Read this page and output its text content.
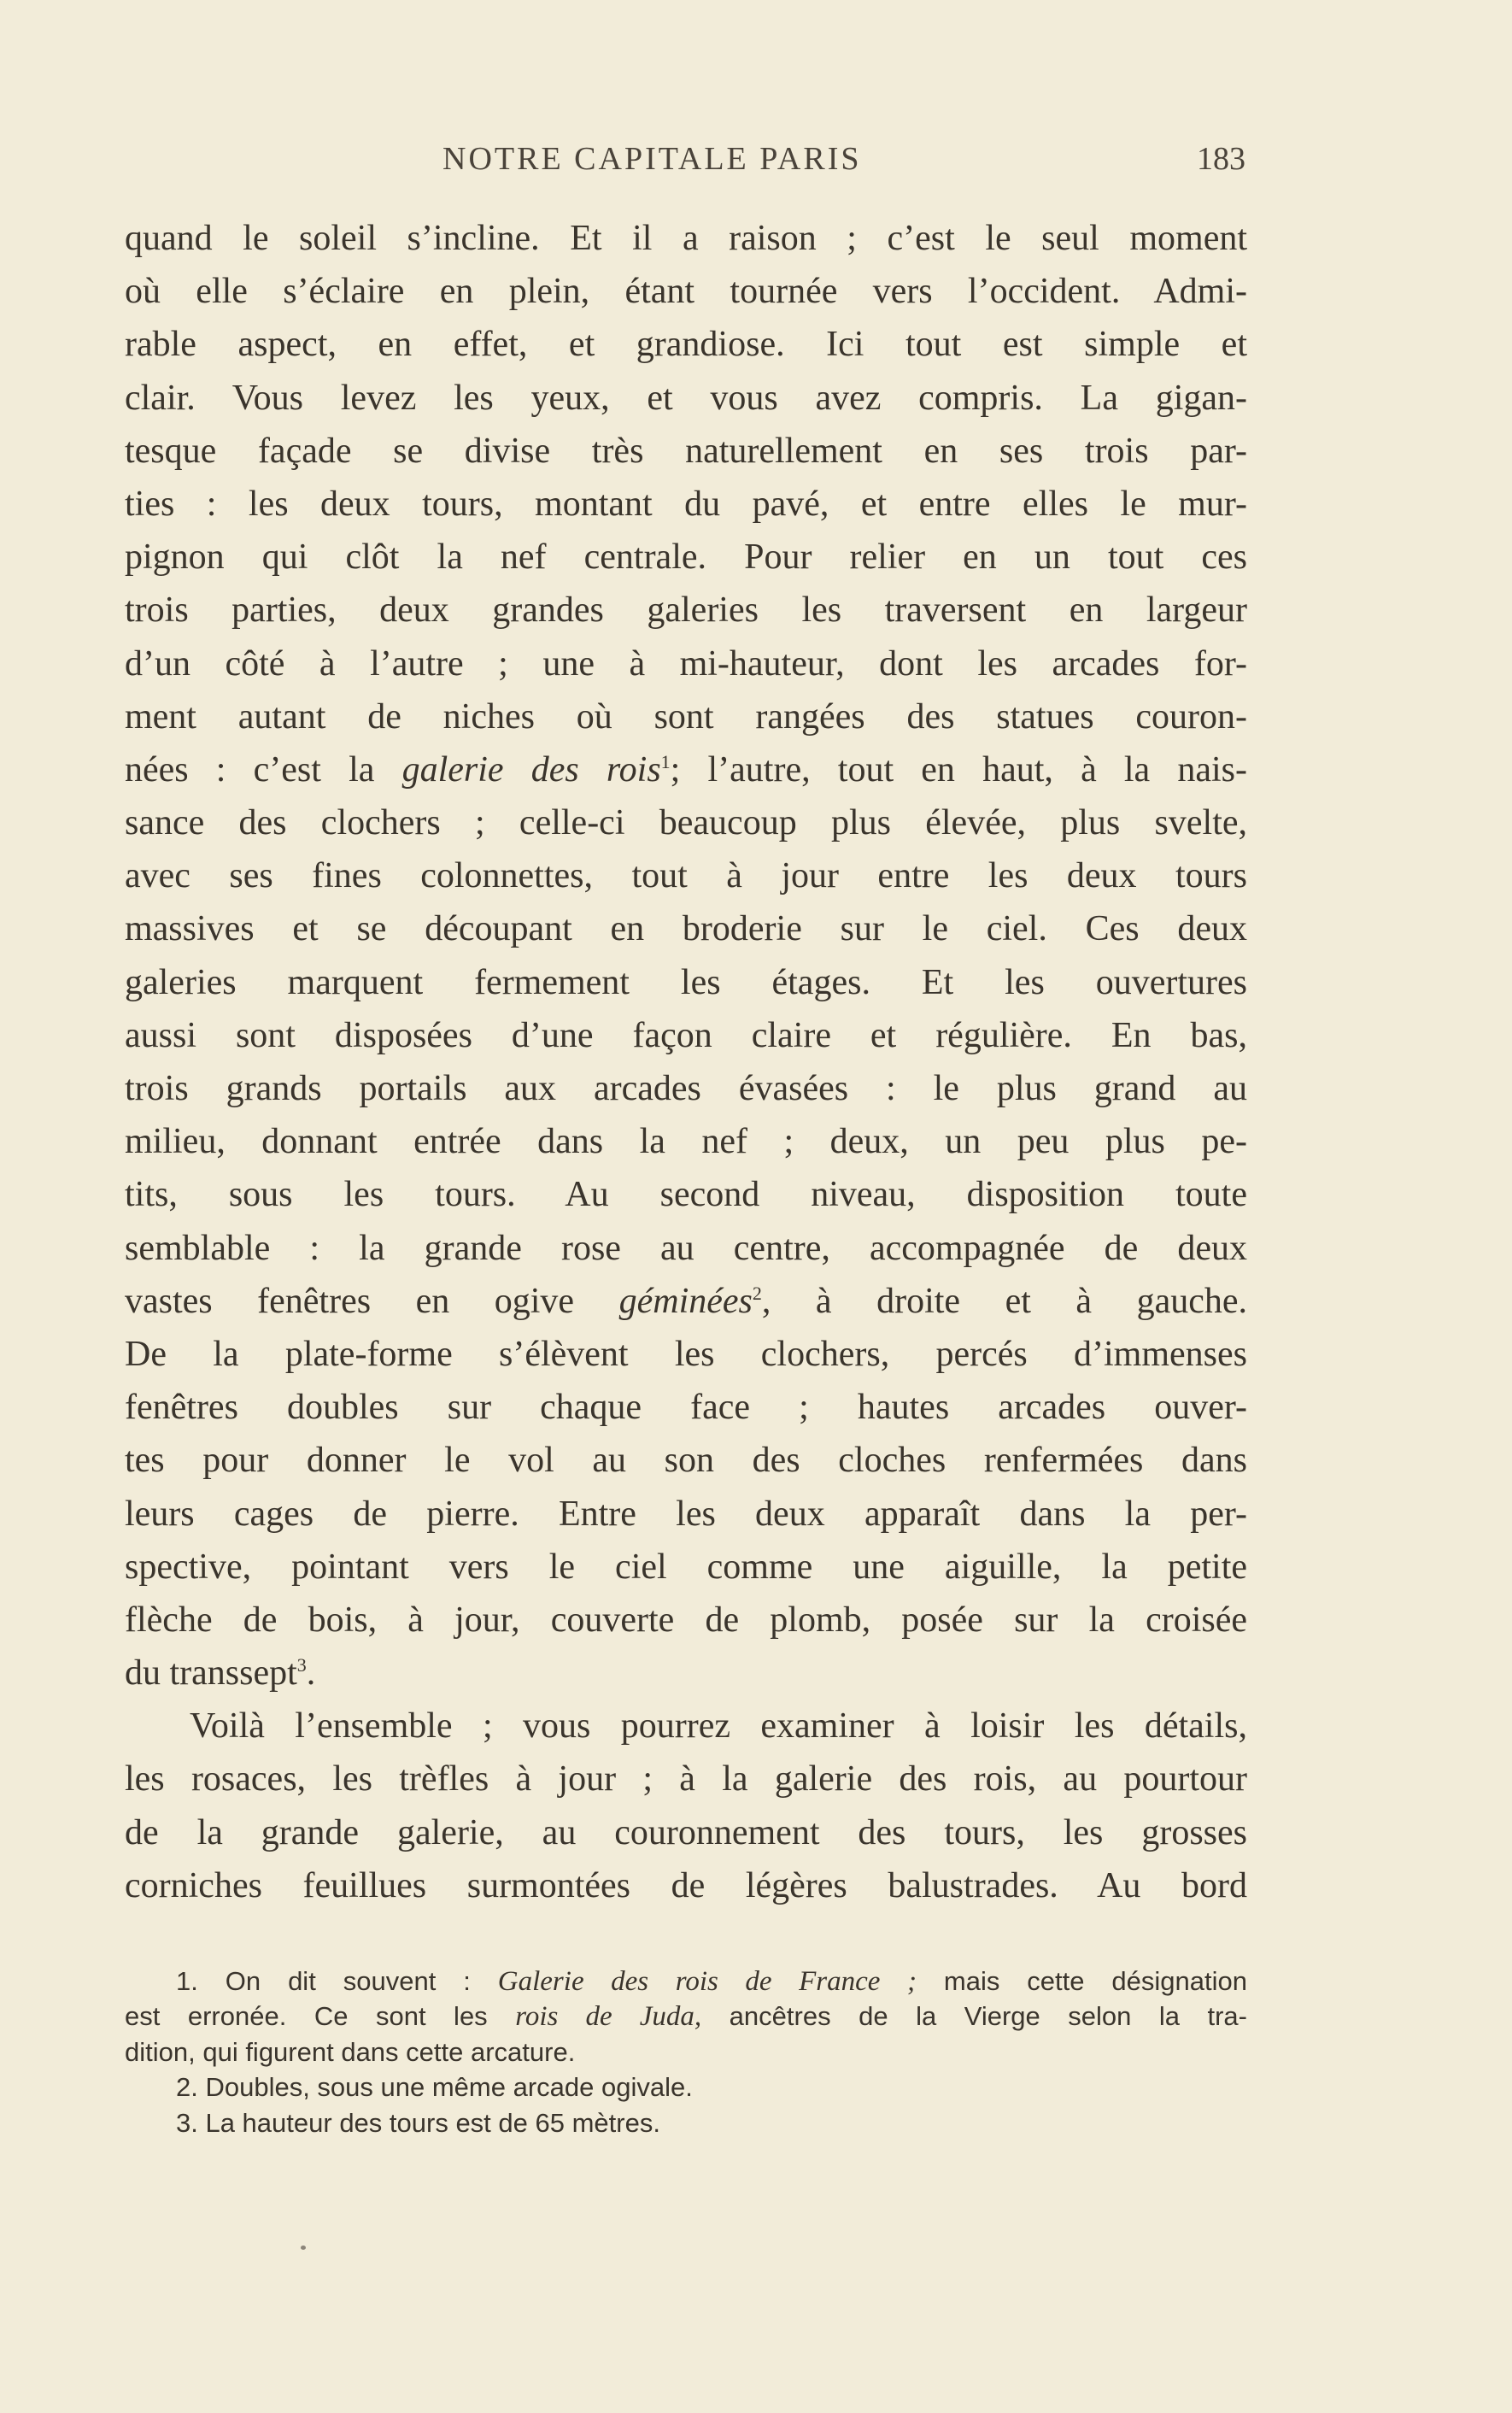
NOTRE CAPITALE PARIS	183
quand le soleil s’incline. Et il a raison ; c’est le seul moment
où elle s’éclaire en plein, étant tournée vers l’occident. Admi-
rable aspect, en effet, et grandiose. Ici tout est simple et
clair. Vous levez les yeux, et vous avez compris. La gigan-
tesque façade se divise très naturellement en ses trois par-
ties : les deux tours, montant du pavé, et entre elles le mur-
pignon qui clôt la nef centrale. Pour relier en un tout ces
trois parties, deux grandes galeries les traversent en largeur
d’un côté à l’autre ; une à mi-hauteur, dont les arcades for-
ment autant de niches où sont rangées des statues couron-
nées : c’est la galerie des rois$^1$; l’autre, tout en haut, à la nais-
sance des clochers ; celle-ci beaucoup plus élevée, plus svelte,
avec ses fines colonnettes, tout à jour entre les deux tours
massives et se découpant en broderie sur le ciel. Ces deux
galeries marquent fermement les étages. Et les ouvertures
aussi sont disposées d’une façon claire et régulière. En bas,
trois grands portails aux arcades évasées : le plus grand au
milieu, donnant entrée dans la nef ; deux, un peu plus pe-
tits, sous les tours. Au second niveau, disposition toute
semblable : la grande rose au centre, accompagnée de deux
vastes fenêtres en ogive géminées$^2$, à droite et à gauche.
De la plate-forme s’élèvent les clochers, percés d’immenses
fenêtres doubles sur chaque face ; hautes arcades ouver-
tes pour donner le vol au son des cloches renfermées dans
leurs cages de pierre. Entre les deux apparaît dans la per-
spective, pointant vers le ciel comme une aiguille, la petite
flèche de bois, à jour, couverte de plomb, posée sur la croisée
du transsept$^3$.
Voilà l’ensemble ; vous pourrez examiner à loisir les détails,
les rosaces, les trèfles à jour ; à la galerie des rois, au pourtour
de la grande galerie, au couronnement des tours, les grosses
corniches feuillues surmontées de légères balustrades. Au bord
1. On dit souvent : Galerie des rois de France ; mais cette désignation
est erronée. Ce sont les rois de Juda, ancêtres de la Vierge selon la tra-
dition, qui figurent dans cette arcature.
2. Doubles, sous une même arcade ogivale.
3. La hauteur des tours est de 65 mètres.
